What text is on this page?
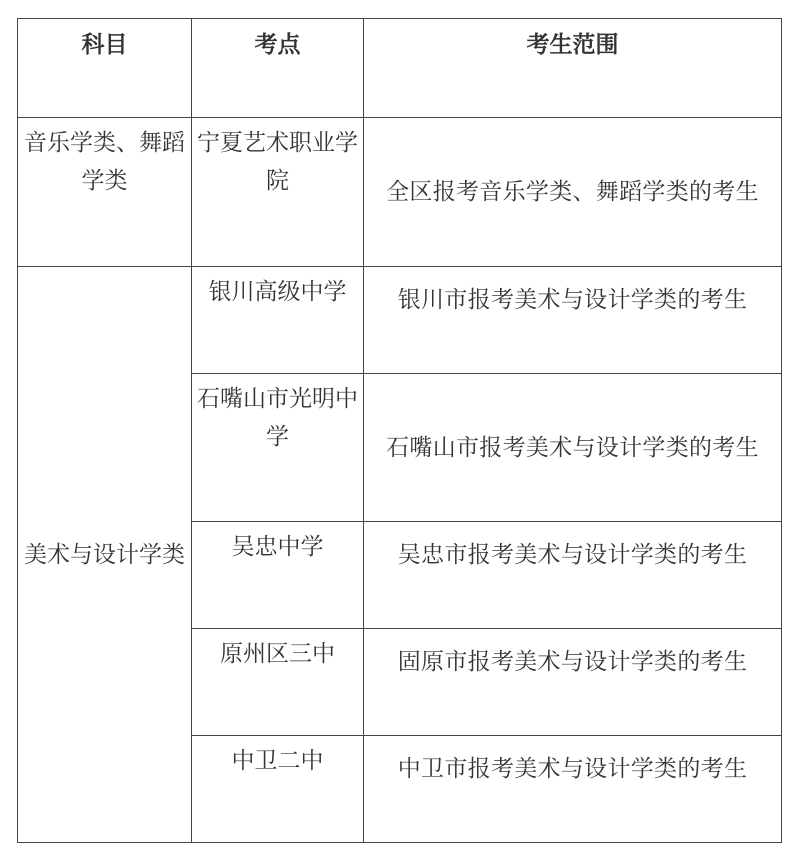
科目	考点	考生范围
音乐学类、舞蹈学类	宁夏艺术职业学院	全区报考音乐学类、舞蹈学类的考生
美术与设计学类	银川高级中学	银川市报考美术与设计学类的考生
	石嘴山市光明中学	石嘴山市报考美术与设计学类的考生
	吴忠中学	吴忠市报考美术与设计学类的考生
	原州区三中	固原市报考美术与设计学类的考生
	中卫二中	中卫市报考美术与设计学类的考生
